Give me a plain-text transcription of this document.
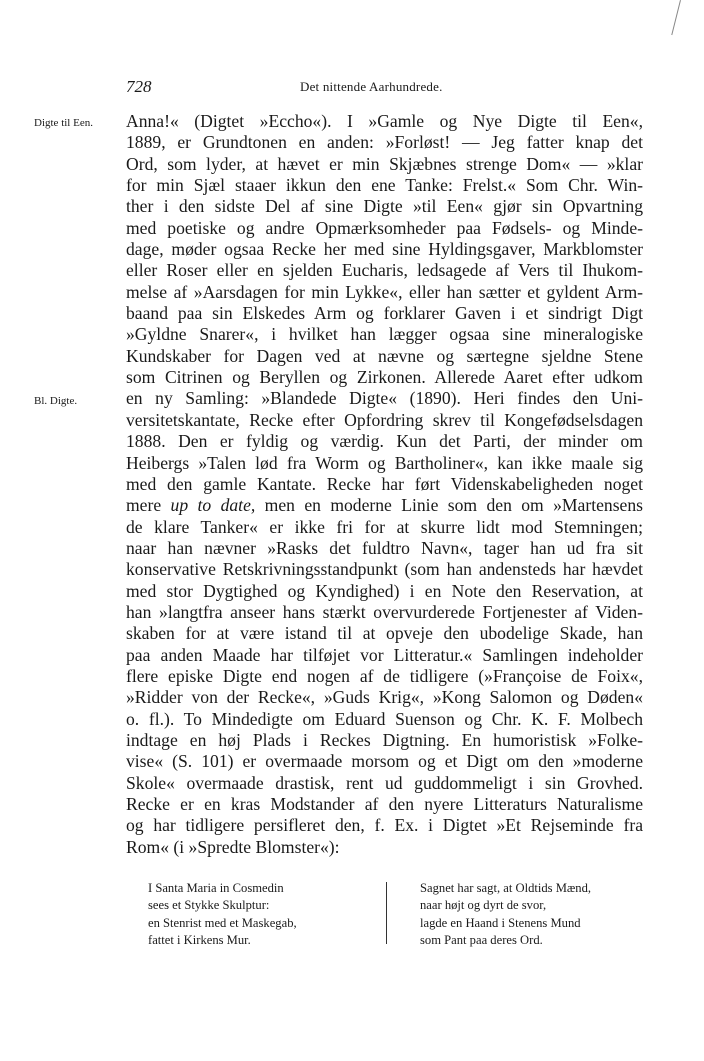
728	Det nittende Aarhundrede.
Digte til Een.
Bl. Digte.
Anna!« (Digtet »Eccho«). I »Gamle og Nye Digte til Een«,
1889, er Grundtonen en anden: »Forløst! — Jeg fatter knap det
Ord, som lyder, at hævet er min Skjæbnes strenge Dom« — »klar
for min Sjæl staaer ikkun den ene Tanke: Frelst.« Som Chr. Win-
ther i den sidste Del af sine Digte »til Een« gjør sin Opvartning
med poetiske og andre Opmærksomheder paa Fødsels- og Minde-
dage, møder ogsaa Recke her med sine Hyldingsgaver, Markblomster
eller Roser eller en sjelden Eucharis, ledsagede af Vers til Ihukom-
melse af »Aarsdagen for min Lykke«, eller han sætter et gyldent Arm-
baand paa sin Elskedes Arm og forklarer Gaven i et sindrigt Digt
»Gyldne Snarer«, i hvilket han lægger ogsaa sine mineralogiske
Kundskaber for Dagen ved at nævne og særtegne sjeldne Stene
som Citrinen og Beryllen og Zirkonen. Allerede Aaret efter udkom
en ny Samling: »Blandede Digte« (1890). Heri findes den Uni-
versitetskantate, Recke efter Opfordring skrev til Kongefødselsdagen
1888. Den er fyldig og værdig. Kun det Parti, der minder om
Heibergs »Talen lød fra Worm og Bartholiner«, kan ikke maale sig
med den gamle Kantate. Recke har ført Videnskabeligheden noget
mere up to date, men en moderne Linie som den om »Martensens
de klare Tanker« er ikke fri for at skurre lidt mod Stemningen;
naar han nævner »Rasks det fuldtro Navn«, tager han ud fra sit
konservative Retskrivningsstandpunkt (som han andensteds har hævdet
med stor Dygtighed og Kyndighed) i en Note den Reservation, at
han »langtfra anseer hans stærkt overvurderede Fortjenester af Viden-
skaben for at være istand til at opveje den ubodelige Skade, han
paa anden Maade har tilføjet vor Litteratur.« Samlingen indeholder
flere episke Digte end nogen af de tidligere (»Françoise de Foix«,
»Ridder von der Recke«, »Guds Krig«, »Kong Salomon og Døden«
o. fl.). To Mindedigte om Eduard Suenson og Chr. K. F. Molbech
indtage en høj Plads i Reckes Digtning. En humoristisk »Folke-
vise« (S. 101) er overmaade morsom og et Digt om den »moderne
Skole« overmaade drastisk, rent ud guddommeligt i sin Grovhed.
Recke er en kras Modstander af den nyere Litteraturs Naturalisme
og har tidligere persifleret den, f. Ex. i Digtet »Et Rejseminde fra
Rom« (i »Spredte Blomster«):
I Santa Maria in Cosmedin
sees et Stykke Skulptur:
en Stenrist med et Maskegab,
fattet i Kirkens Mur.
Sagnet har sagt, at Oldtids Mænd,
naar højt og dyrt de svor,
lagde en Haand i Stenens Mund
som Pant paa deres Ord.
